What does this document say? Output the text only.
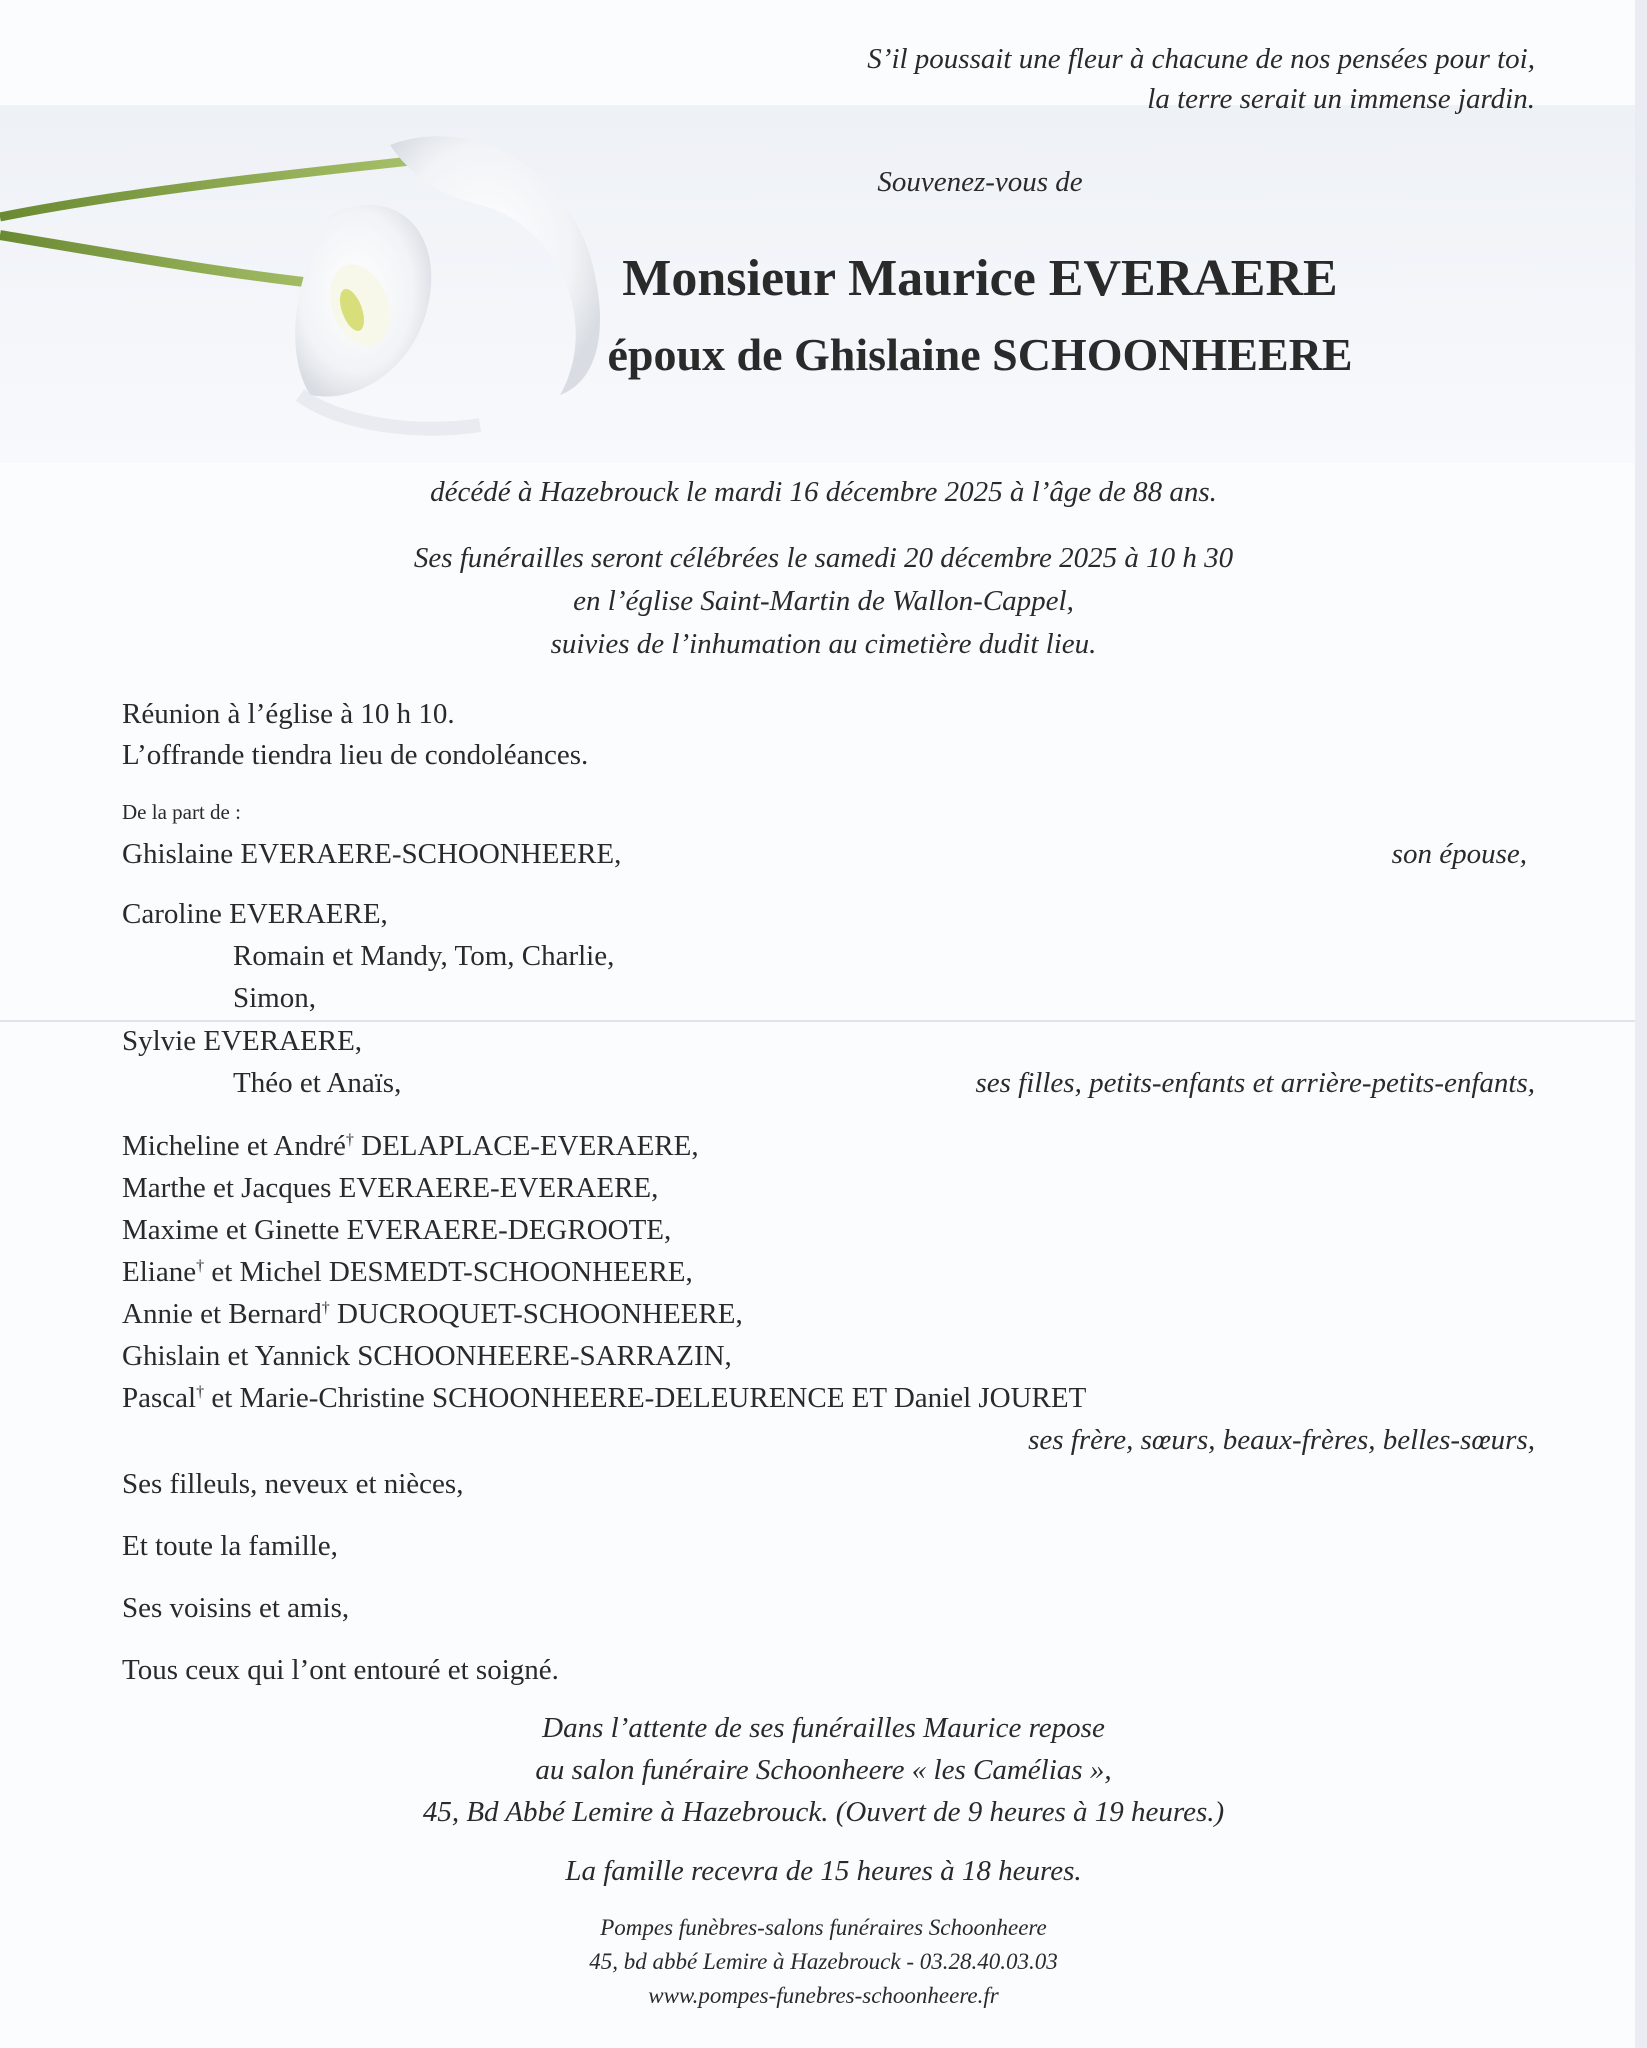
S’il poussait une fleur à chacune de nos pensées pour toi,
la terre serait un immense jardin.
Souvenez-vous de
Monsieur Maurice EVERAERE
époux de Ghislaine SCHOONHEERE
décédé à Hazebrouck le mardi 16 décembre 2025 à l’âge de 88 ans.
Ses funérailles seront célébrées le samedi 20 décembre 2025 à 10 h 30
en l’église Saint-Martin de Wallon-Cappel,
suivies de l’inhumation au cimetière dudit lieu.
Réunion à l’église à 10 h 10.
L’offrande tiendra lieu de condoléances.
De la part de :
Ghislaine EVERAERE-SCHOONHEERE,	son épouse,
Caroline EVERAERE,
Romain et Mandy, Tom, Charlie,
Simon,
Sylvie EVERAERE,
Théo et Anaïs,	ses filles, petits-enfants et arrière-petits-enfants,
Micheline et André† DELAPLACE-EVERAERE,
Marthe et Jacques EVERAERE-EVERAERE,
Maxime et Ginette EVERAERE-DEGROOTE,
Eliane† et Michel DESMEDT-SCHOONHEERE,
Annie et Bernard† DUCROQUET-SCHOONHEERE,
Ghislain et Yannick SCHOONHEERE-SARRAZIN,
Pascal† et Marie-Christine SCHOONHEERE-DELEURENCE ET Daniel JOURET
ses frère, sœurs, beaux-frères, belles-sœurs,
Ses filleuls, neveux et nièces,
Et toute la famille,
Ses voisins et amis,
Tous ceux qui l’ont entouré et soigné.
Dans l’attente de ses funérailles Maurice repose
au salon funéraire Schoonheere « les Camélias »,
45, Bd Abbé Lemire à Hazebrouck. (Ouvert de 9 heures à 19 heures.)
La famille recevra de 15 heures à 18 heures.
Pompes funèbres-salons funéraires Schoonheere
45, bd abbé Lemire à Hazebrouck - 03.28.40.03.03
www.pompes-funebres-schoonheere.fr
